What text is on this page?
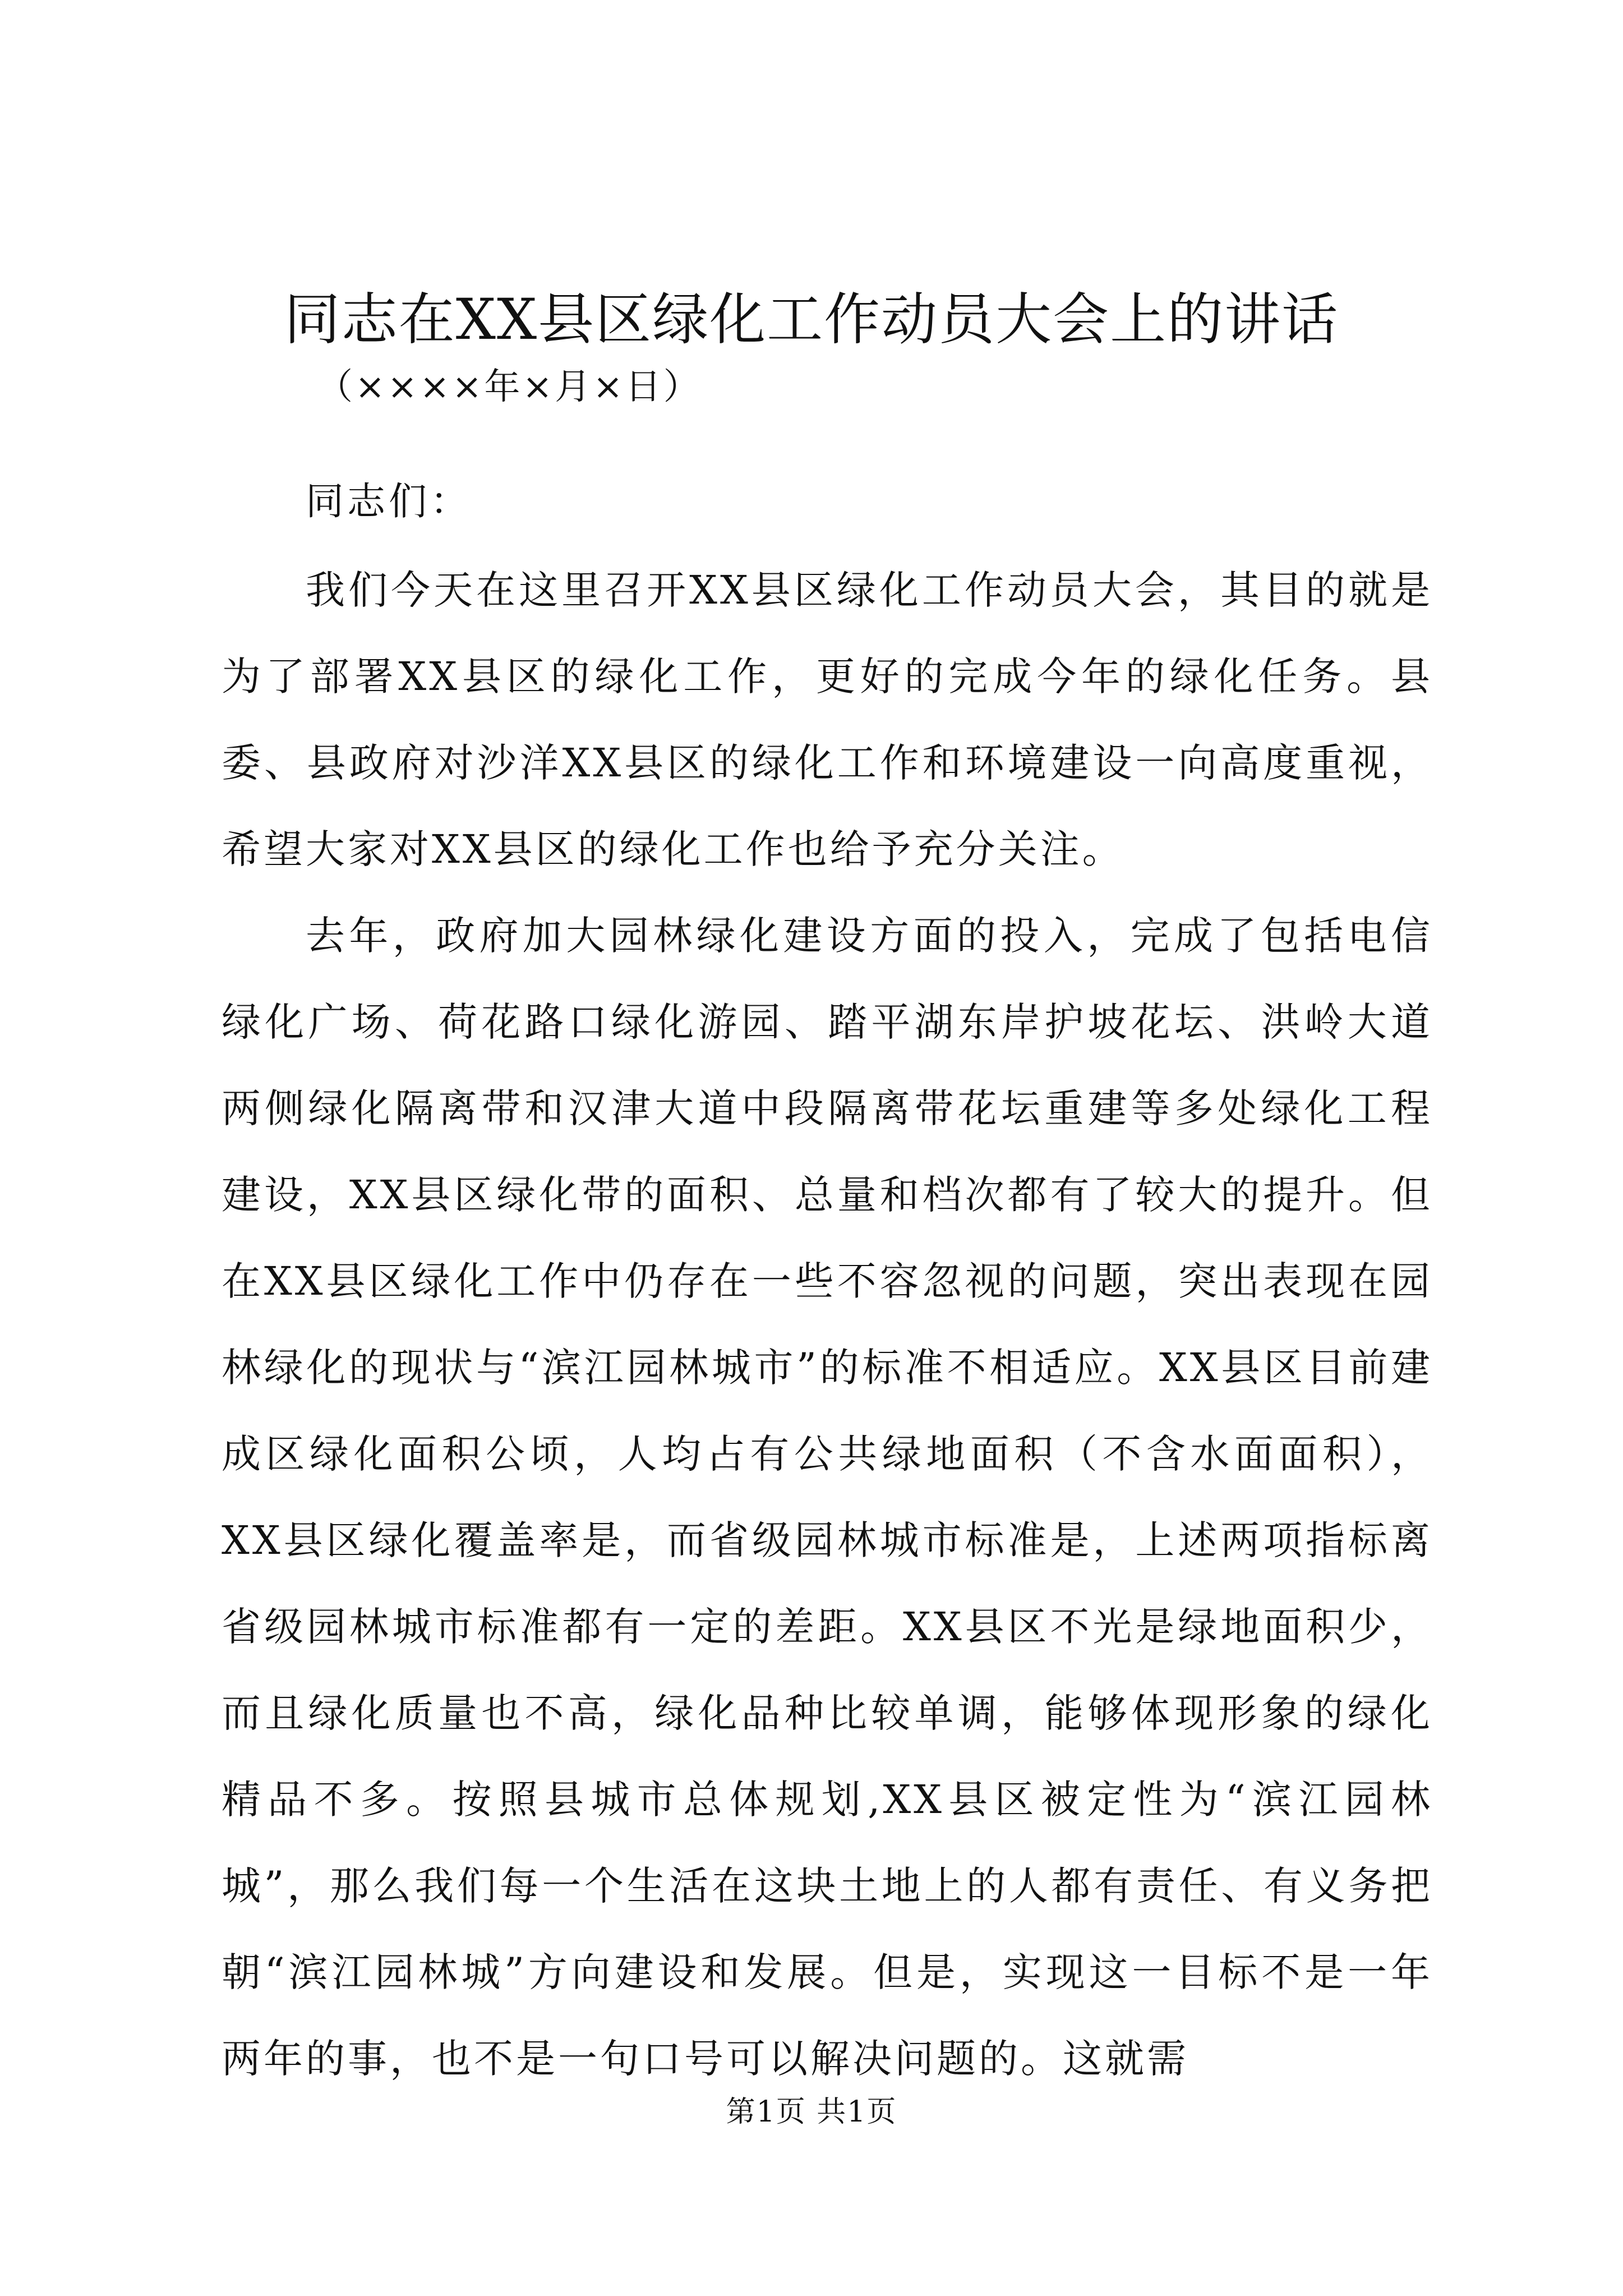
同志在XX县区绿化工作动员大会上的讲话
（××××年×月×日）
同志们：

我们今天在这里召开XX县区绿化工作动员大会，其目的就是为了部署XX县区的绿化工作，更好的完成今年的绿化任务。县委、县政府对沙洋XX县区的绿化工作和环境建设一向高度重视，希望大家对XX县区的绿化工作也给予充分关注。

去年，政府加大园林绿化建设方面的投入，完成了包括电信绿化广场、荷花路口绿化游园、踏平湖东岸护坡花坛、洪岭大道两侧绿化隔离带和汉津大道中段隔离带花坛重建等多处绿化工程建设，XX县区绿化带的面积、总量和档次都有了较大的提升。但在XX县区绿化工作中仍存在一些不容忽视的问题，突出表现在园林绿化的现状与“滨江园林城市”的标准不相适应。XX县区目前建成区绿化面积公顷，人均占有公共绿地面积（不含水面面积），XX县区绿化覆盖率是，而省级园林城市标准是，上述两项指标离省级园林城市标准都有一定的差距。XX县区不光是绿地面积少，而且绿化质量也不高，绿化品种比较单调，能够体现形象的绿化精品不多。按照县城市总体规划,XX县区被定性为“滨江园林城”，那么我们每一个生活在这块土地上的人都有责任、有义务把朝“滨江园林城”方向建设和发展。但是，实现这一目标不是一年两年的事，也不是一句口号可以解决问题的。这就需

第1页 共1页
